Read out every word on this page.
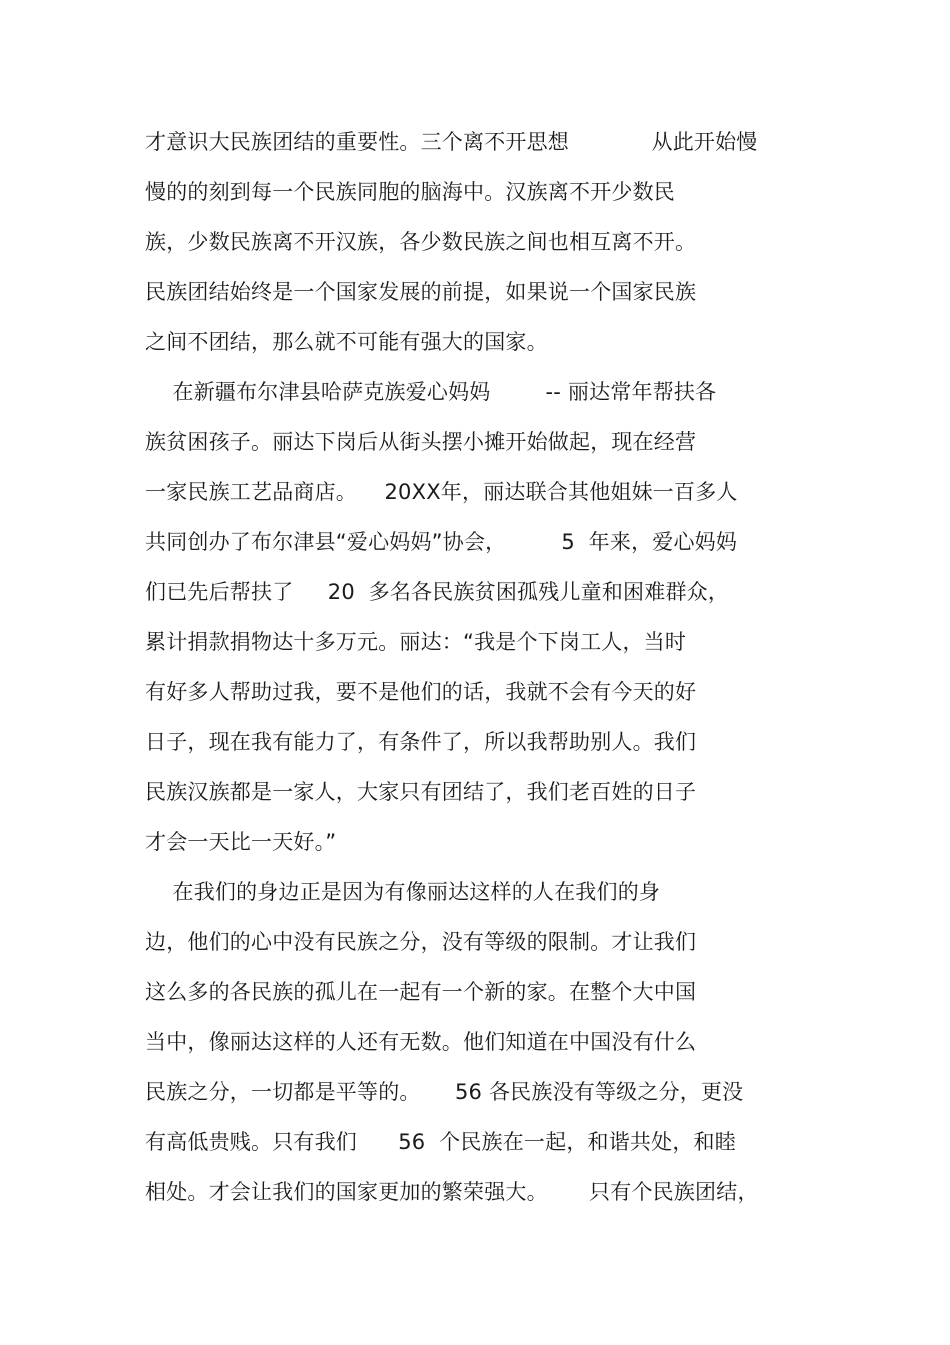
才意识大民族团结的重要性。三个离不开思想            从此开始慢
慢的的刻到每一个民族同胞的脑海中。汉族离不开少数民
族，少数民族离不开汉族，各少数民族之间也相互离不开。
民族团结始终是一个国家发展的前提，如果说一个国家民族
之间不团结，那么就不可能有强大的国家。
在新疆布尔津县哈萨克族爱心妈妈        -- 丽达常年帮扶各
族贫困孩子。丽达下岗后从街头摆小摊开始做起，现在经营
一家民族工艺品商店。    20XX年，丽达联合其他姐妹一百多人
共同创办了布尔津县“爱心妈妈”协会，        5  年来，爱心妈妈
们已先后帮扶了     20  多名各民族贫困孤残儿童和困难群众，
累计捐款捐物达十多万元。丽达：“我是个下岗工人，当时
有好多人帮助过我，要不是他们的话，我就不会有今天的好
日子，现在我有能力了，有条件了，所以我帮助别人。我们
民族汉族都是一家人，大家只有团结了，我们老百姓的日子
才会一天比一天好。”
在我们的身边正是因为有像丽达这样的人在我们的身
边，他们的心中没有民族之分，没有等级的限制。才让我们
这么多的各民族的孤儿在一起有一个新的家。在整个大中国
当中，像丽达这样的人还有无数。他们知道在中国没有什么
民族之分，一切都是平等的。     56 各民族没有等级之分，更没
有高低贵贱。只有我们      56  个民族在一起，和谐共处，和睦
相处。才会让我们的国家更加的繁荣强大。      只有个民族团结，
